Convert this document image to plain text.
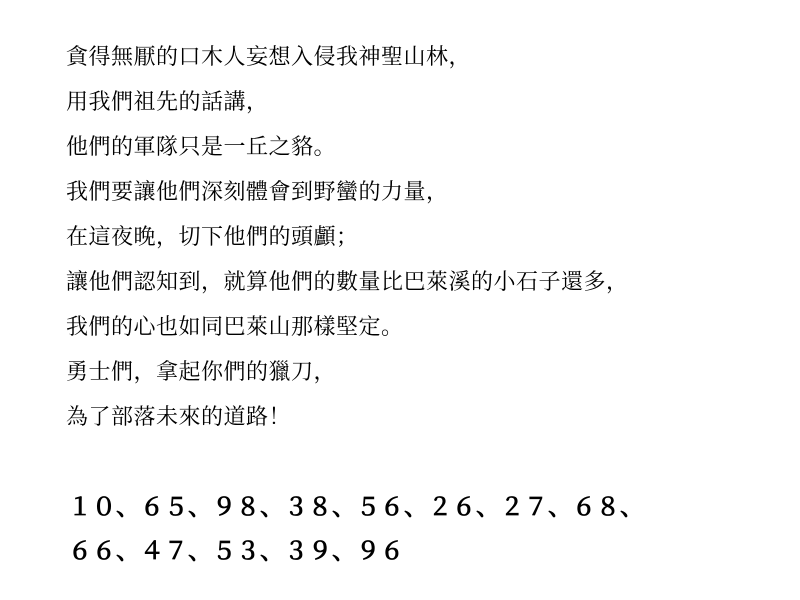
貪得無厭的口木人妄想入侵我神聖山林，
用我們祖先的話講，
他們的軍隊只是一丘之貉。
我們要讓他們深刻體會到野蠻的力量，
在這夜晚，切下他們的頭顱；
讓他們認知到，就算他們的數量比巴萊溪的小石子還多，
我們的心也如同巴萊山那樣堅定。
勇士們，拿起你們的獵刀，
為了部落未來的道路！
１０、６５、９８、３８、５６、２６、２７、６８、
６６、４７、５３、３９、９６
